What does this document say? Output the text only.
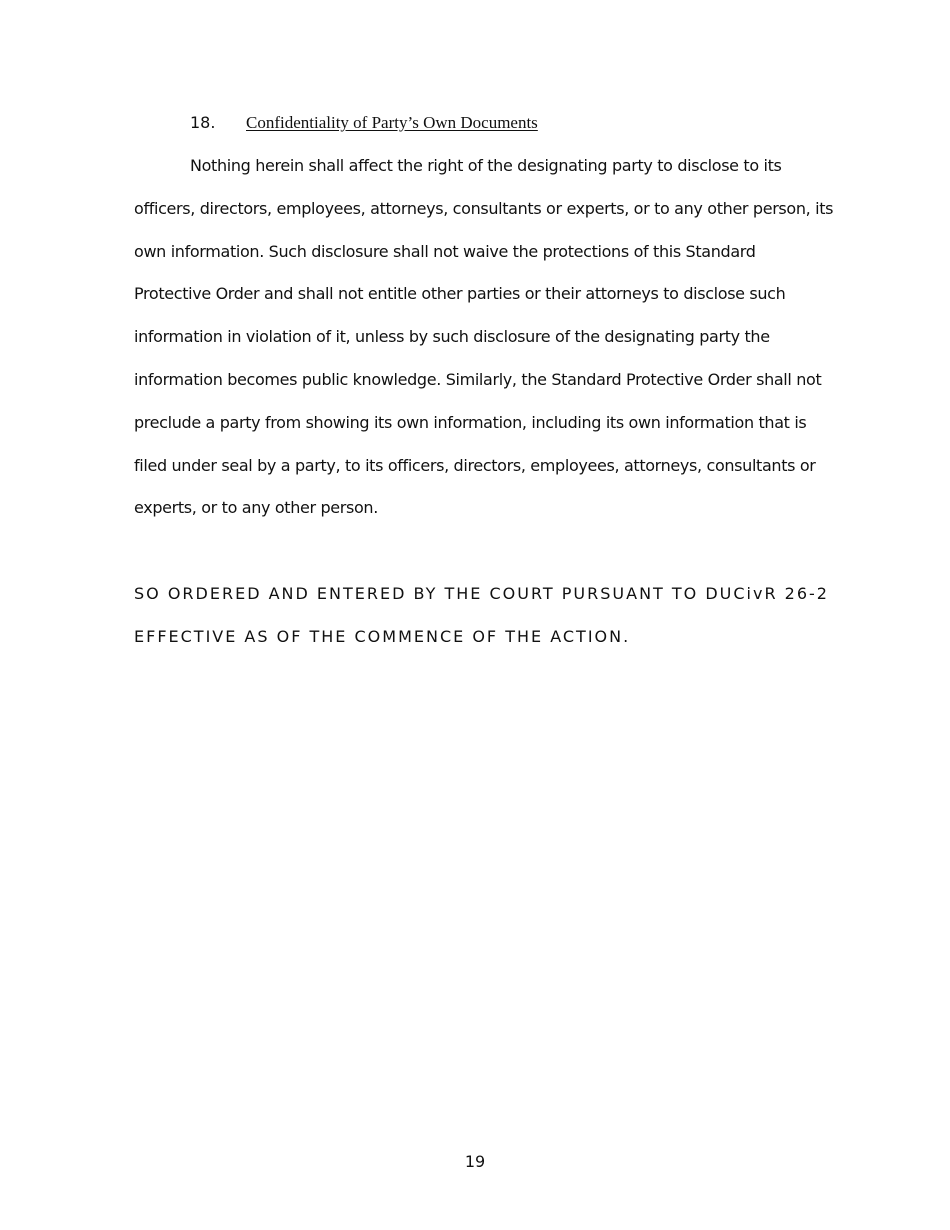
18. Confidentiality of Party’s Own Documents
Nothing herein shall affect the right of the designating party to disclose to its
officers, directors, employees, attorneys, consultants or experts, or to any other person, its
own information. Such disclosure shall not waive the protections of this Standard
Protective Order and shall not entitle other parties or their attorneys to disclose such
information in violation of it, unless by such disclosure of the designating party the
information becomes public knowledge. Similarly, the Standard Protective Order shall not
preclude a party from showing its own information, including its own information that is
filed under seal by a party, to its officers, directors, employees, attorneys, consultants or
experts, or to any other person.
SO ORDERED AND ENTERED BY THE COURT PURSUANT TO DUCivR 26-2
EFFECTIVE AS OF THE COMMENCE OF THE ACTION.
19
